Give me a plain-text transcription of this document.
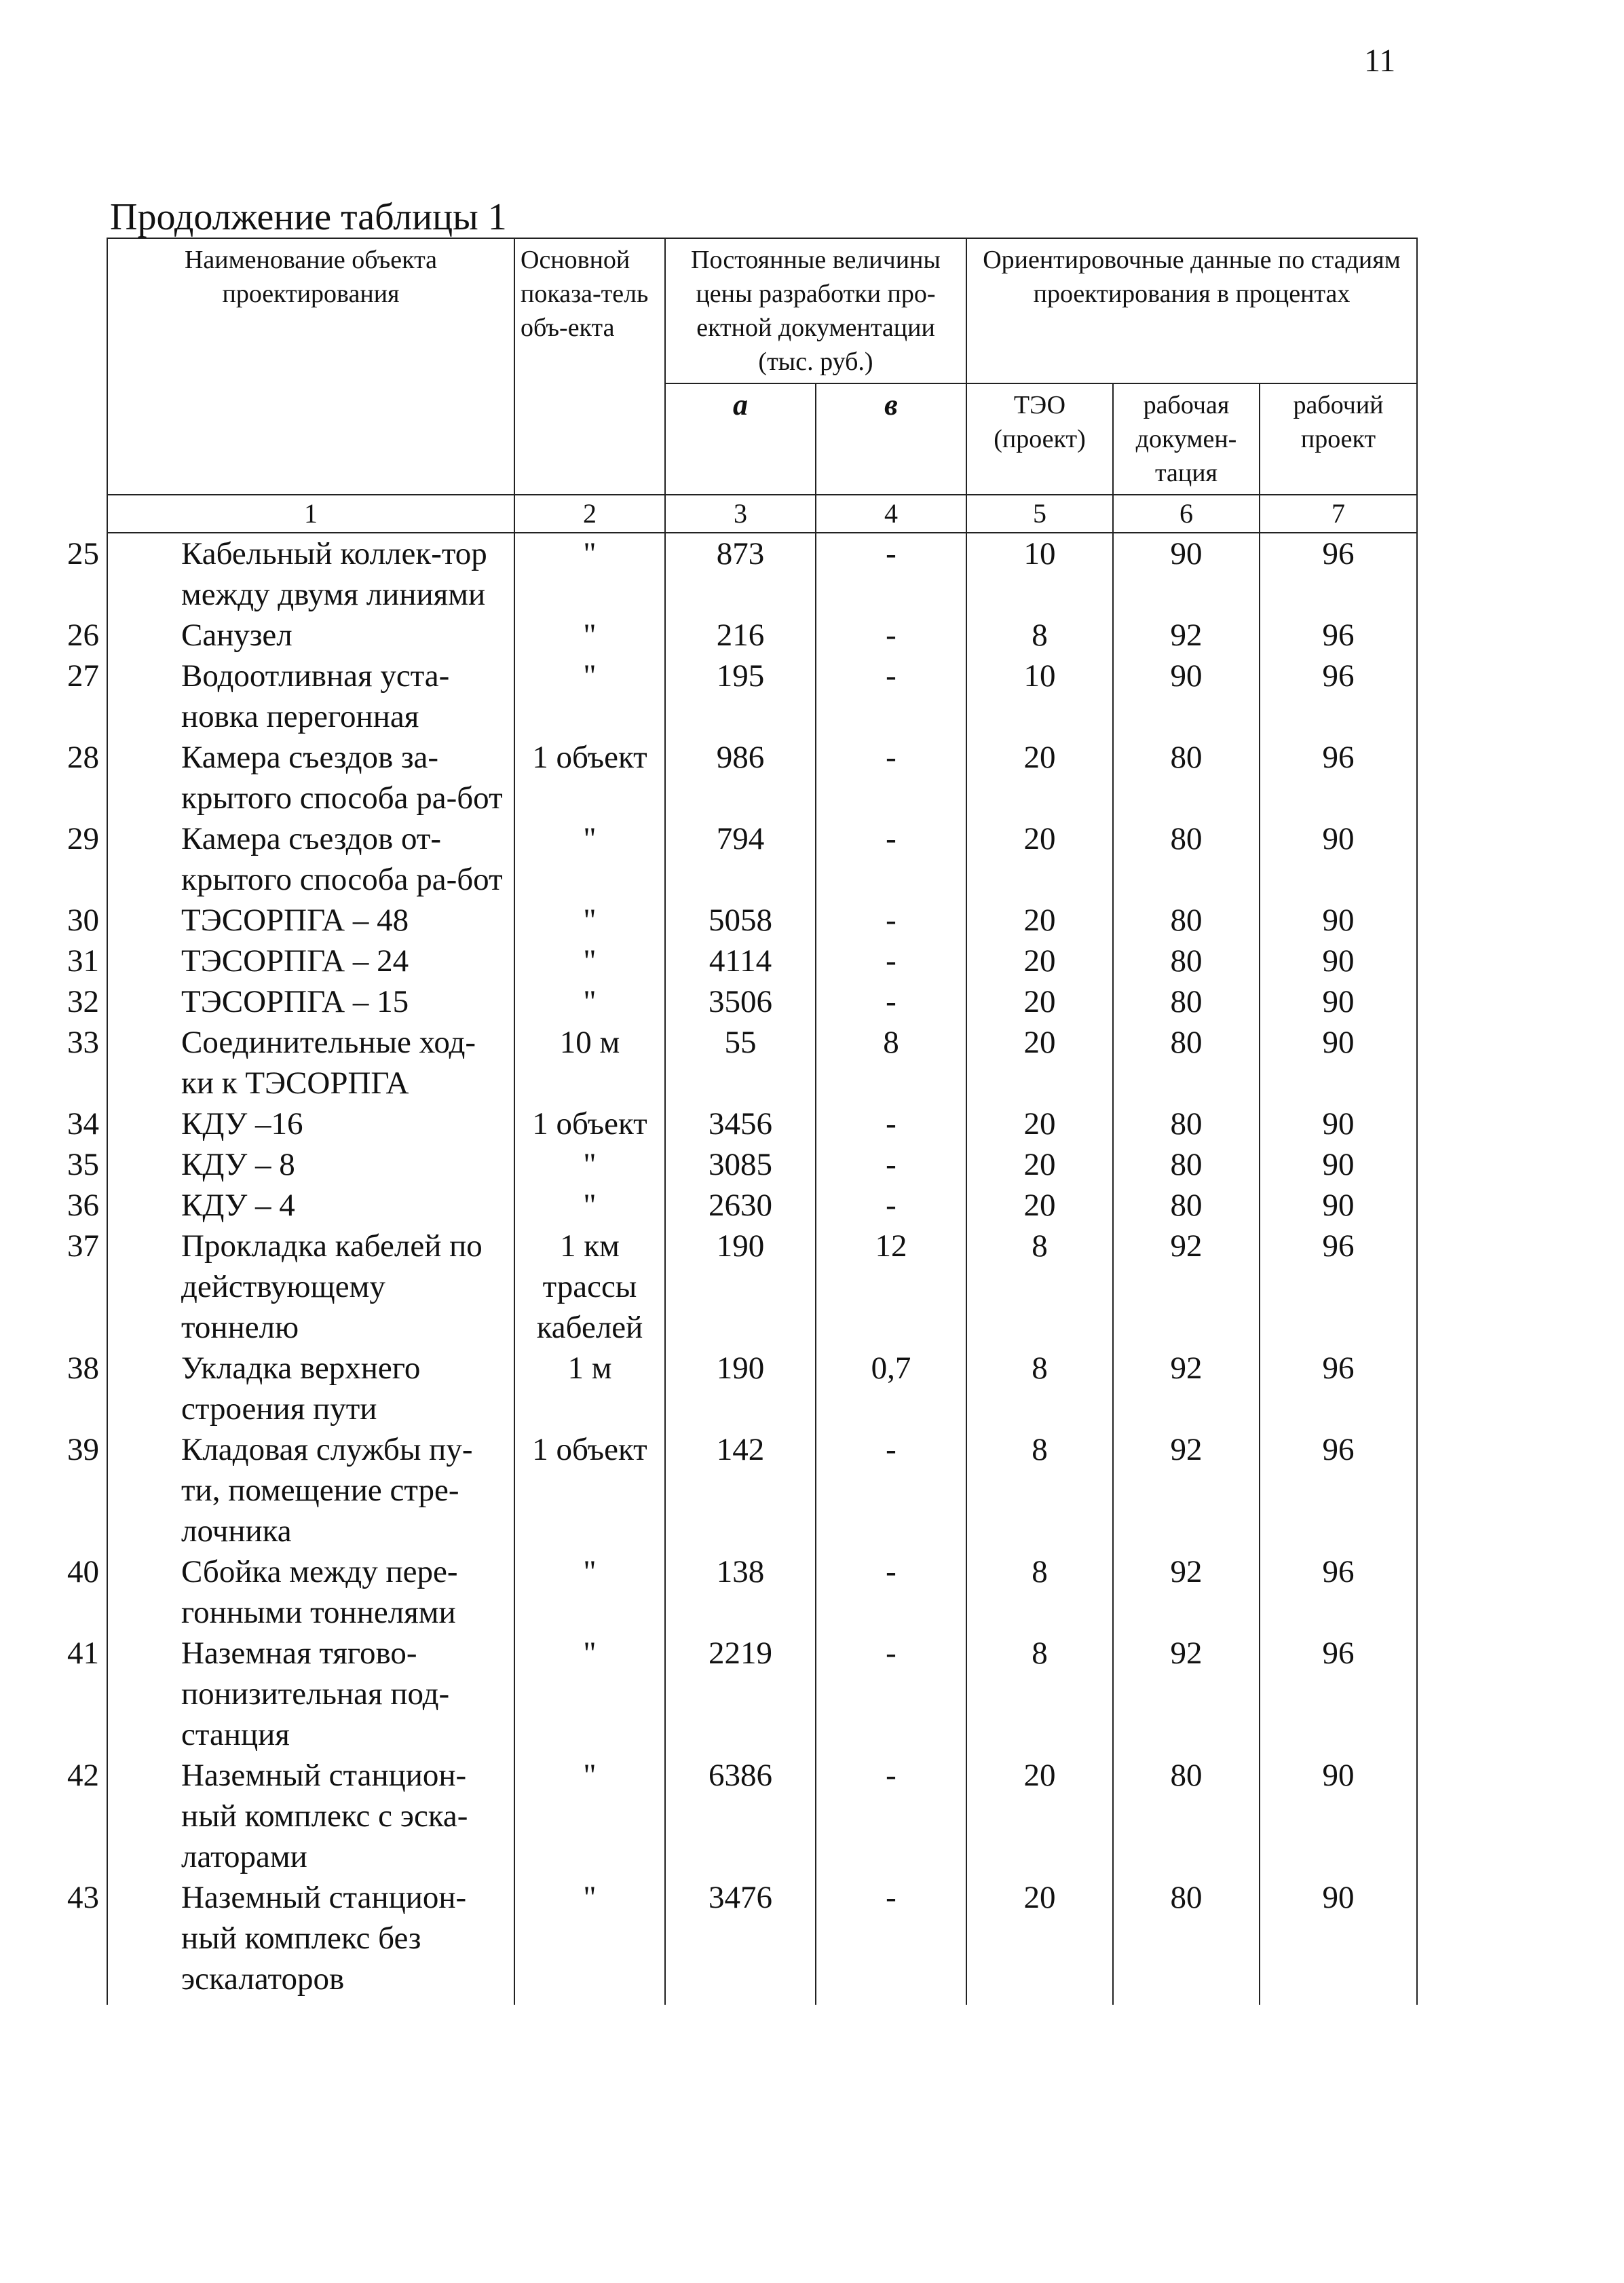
11
Продолжение таблицы 1
Наименование объекта проектирования	Основной показа-тель объ-екта	Постоянные величины цены разработки про-ектной документации (тыс. руб.)		Ориентировочные данные по стадиям проектирования в процентах		
		а	в	ТЭО (проект)	рабочая докумен-тация	рабочий проект
1	2	3	4	5	6	7

25 Кабельный коллек-тор между двумя линиями	"	873	-	10	90	96

26 Санузел	"	216	-	8	92	96

27 Водоотливная уста-новка перегонная	"	195	-	10	90	96

28 Камера съездов за-крытого способа ра-бот	1 объект	986	-	20	80	96

29 Камера съездов от-крытого способа ра-бот	"	794	-	20	80	90

30 ТЭСОРПГА – 48	"	5058	-	20	80	90

31 ТЭСОРПГА – 24	"	4114	-	20	80	90

32 ТЭСОРПГА – 15	"	3506	-	20	80	90

33 Соединительные ход-ки к ТЭСОРПГА	10 м	55	8	20	80	90

34 КДУ –16	1 объект	3456	-	20	80	90

35 КДУ – 8	"	3085	-	20	80	90

36 КДУ – 4	"	2630	-	20	80	90

37 Прокладка кабелей по действующему тоннелю	1 км трассы кабелей	190	12	8	92	96

38 Укладка верхнего строения пути	1 м	190	0,7	8	92	96

39 Кладовая службы пу-ти, помещение стре-лочника	1 объект	142	-	8	92	96

40 Сбойка между пере-гонными тоннелями	"	138	-	8	92	96

41 Наземная тягово-понизительная под-станция	"	2219	-	8	92	96

42 Наземный станцион-ный комплекс с эска-латорами	"	6386	-	20	80	90

43 Наземный станцион-ный комплекс без эскалаторов	"	3476	-	20	80	90
